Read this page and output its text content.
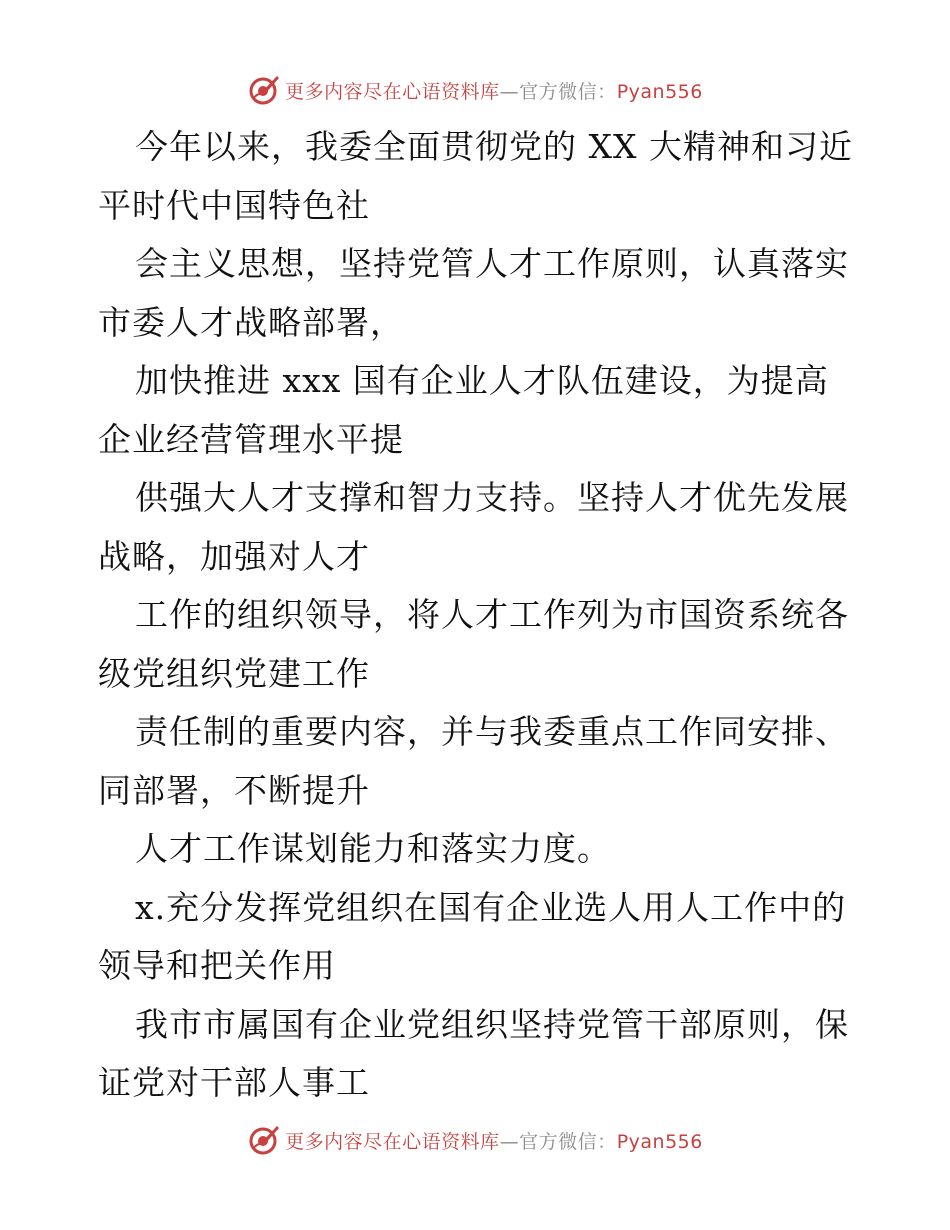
更多内容尽在心语资料库—官方微信：Pyan556
今年以来，我委全面贯彻党的 XX 大精神和习近
平时代中国特色社
会主义思想，坚持党管人才工作原则，认真落实
市委人才战略部署，
加快推进 xxx 国有企业人才队伍建设，为提高
企业经营管理水平提
供强大人才支撑和智力支持。坚持人才优先发展
战略，加强对人才
工作的组织领导，将人才工作列为市国资系统各
级党组织党建工作
责任制的重要内容，并与我委重点工作同安排、
同部署，不断提升
人才工作谋划能力和落实力度。
x.充分发挥党组织在国有企业选人用人工作中的
领导和把关作用
我市市属国有企业党组织坚持党管干部原则，保
证党对干部人事工
更多内容尽在心语资料库—官方微信：Pyan556
